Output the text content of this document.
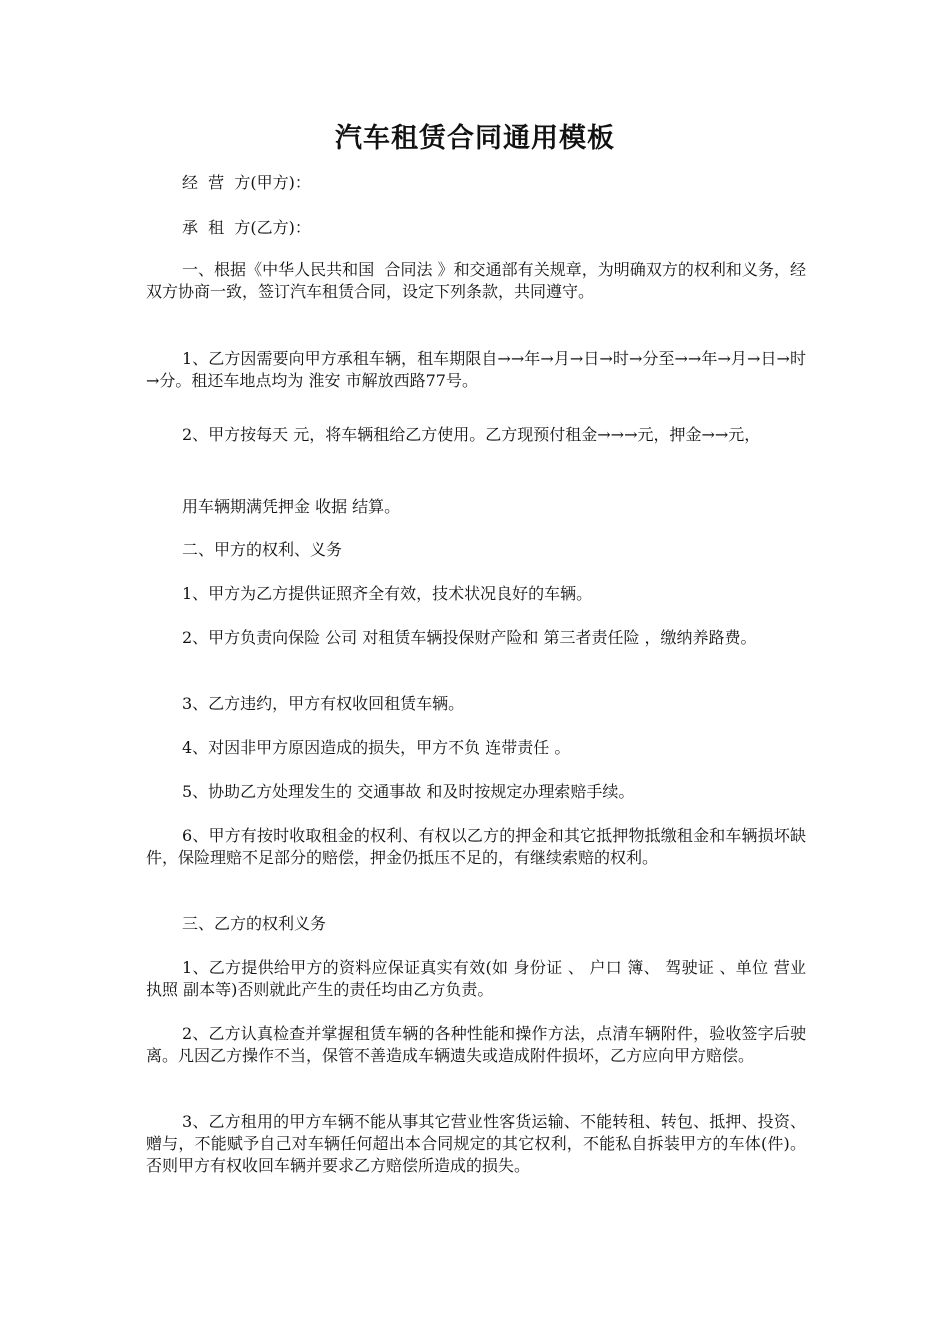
汽车租赁合同通用模板
经  营  方(甲方)：
承  租  方(乙方)：
一、根据《中华人民共和国  合同法 》和交通部有关规章，为明确双方的权利和义务，经双方协商一致，签订汽车租赁合同，设定下列条款，共同遵守。
1、乙方因需要向甲方承租车辆，租车期限自→→年→月→日→时→分至→→年→月→日→时→分。租还车地点均为 淮安 市解放西路77号。
2、甲方按每天 元，将车辆租给乙方使用。乙方现预付租金→→→元，押金→→元，
用车辆期满凭押金 收据 结算。
二、甲方的权利、义务
1、甲方为乙方提供证照齐全有效，技术状况良好的车辆。
2、甲方负责向保险 公司 对租赁车辆投保财产险和 第三者责任险 ，缴纳养路费。
3、乙方违约，甲方有权收回租赁车辆。
4、对因非甲方原因造成的损失，甲方不负 连带责任 。
5、协助乙方处理发生的 交通事故 和及时按规定办理索赔手续。
6、甲方有按时收取租金的权利、有权以乙方的押金和其它抵押物抵缴租金和车辆损坏缺件，保险理赔不足部分的赔偿，押金仍抵压不足的，有继续索赔的权利。
三、乙方的权利义务
1、乙方提供给甲方的资料应保证真实有效(如 身份证 、 户口 簿、 驾驶证 、单位 营业执照 副本等)否则就此产生的责任均由乙方负责。
2、乙方认真检查并掌握租赁车辆的各种性能和操作方法，点清车辆附件，验收签字后驶离。凡因乙方操作不当，保管不善造成车辆遗失或造成附件损坏，乙方应向甲方赔偿。
3、乙方租用的甲方车辆不能从事其它营业性客货运输、不能转租、转包、抵押、投资、赠与，不能赋予自己对车辆任何超出本合同规定的其它权利，不能私自拆装甲方的车体(件)。否则甲方有权收回车辆并要求乙方赔偿所造成的损失。
